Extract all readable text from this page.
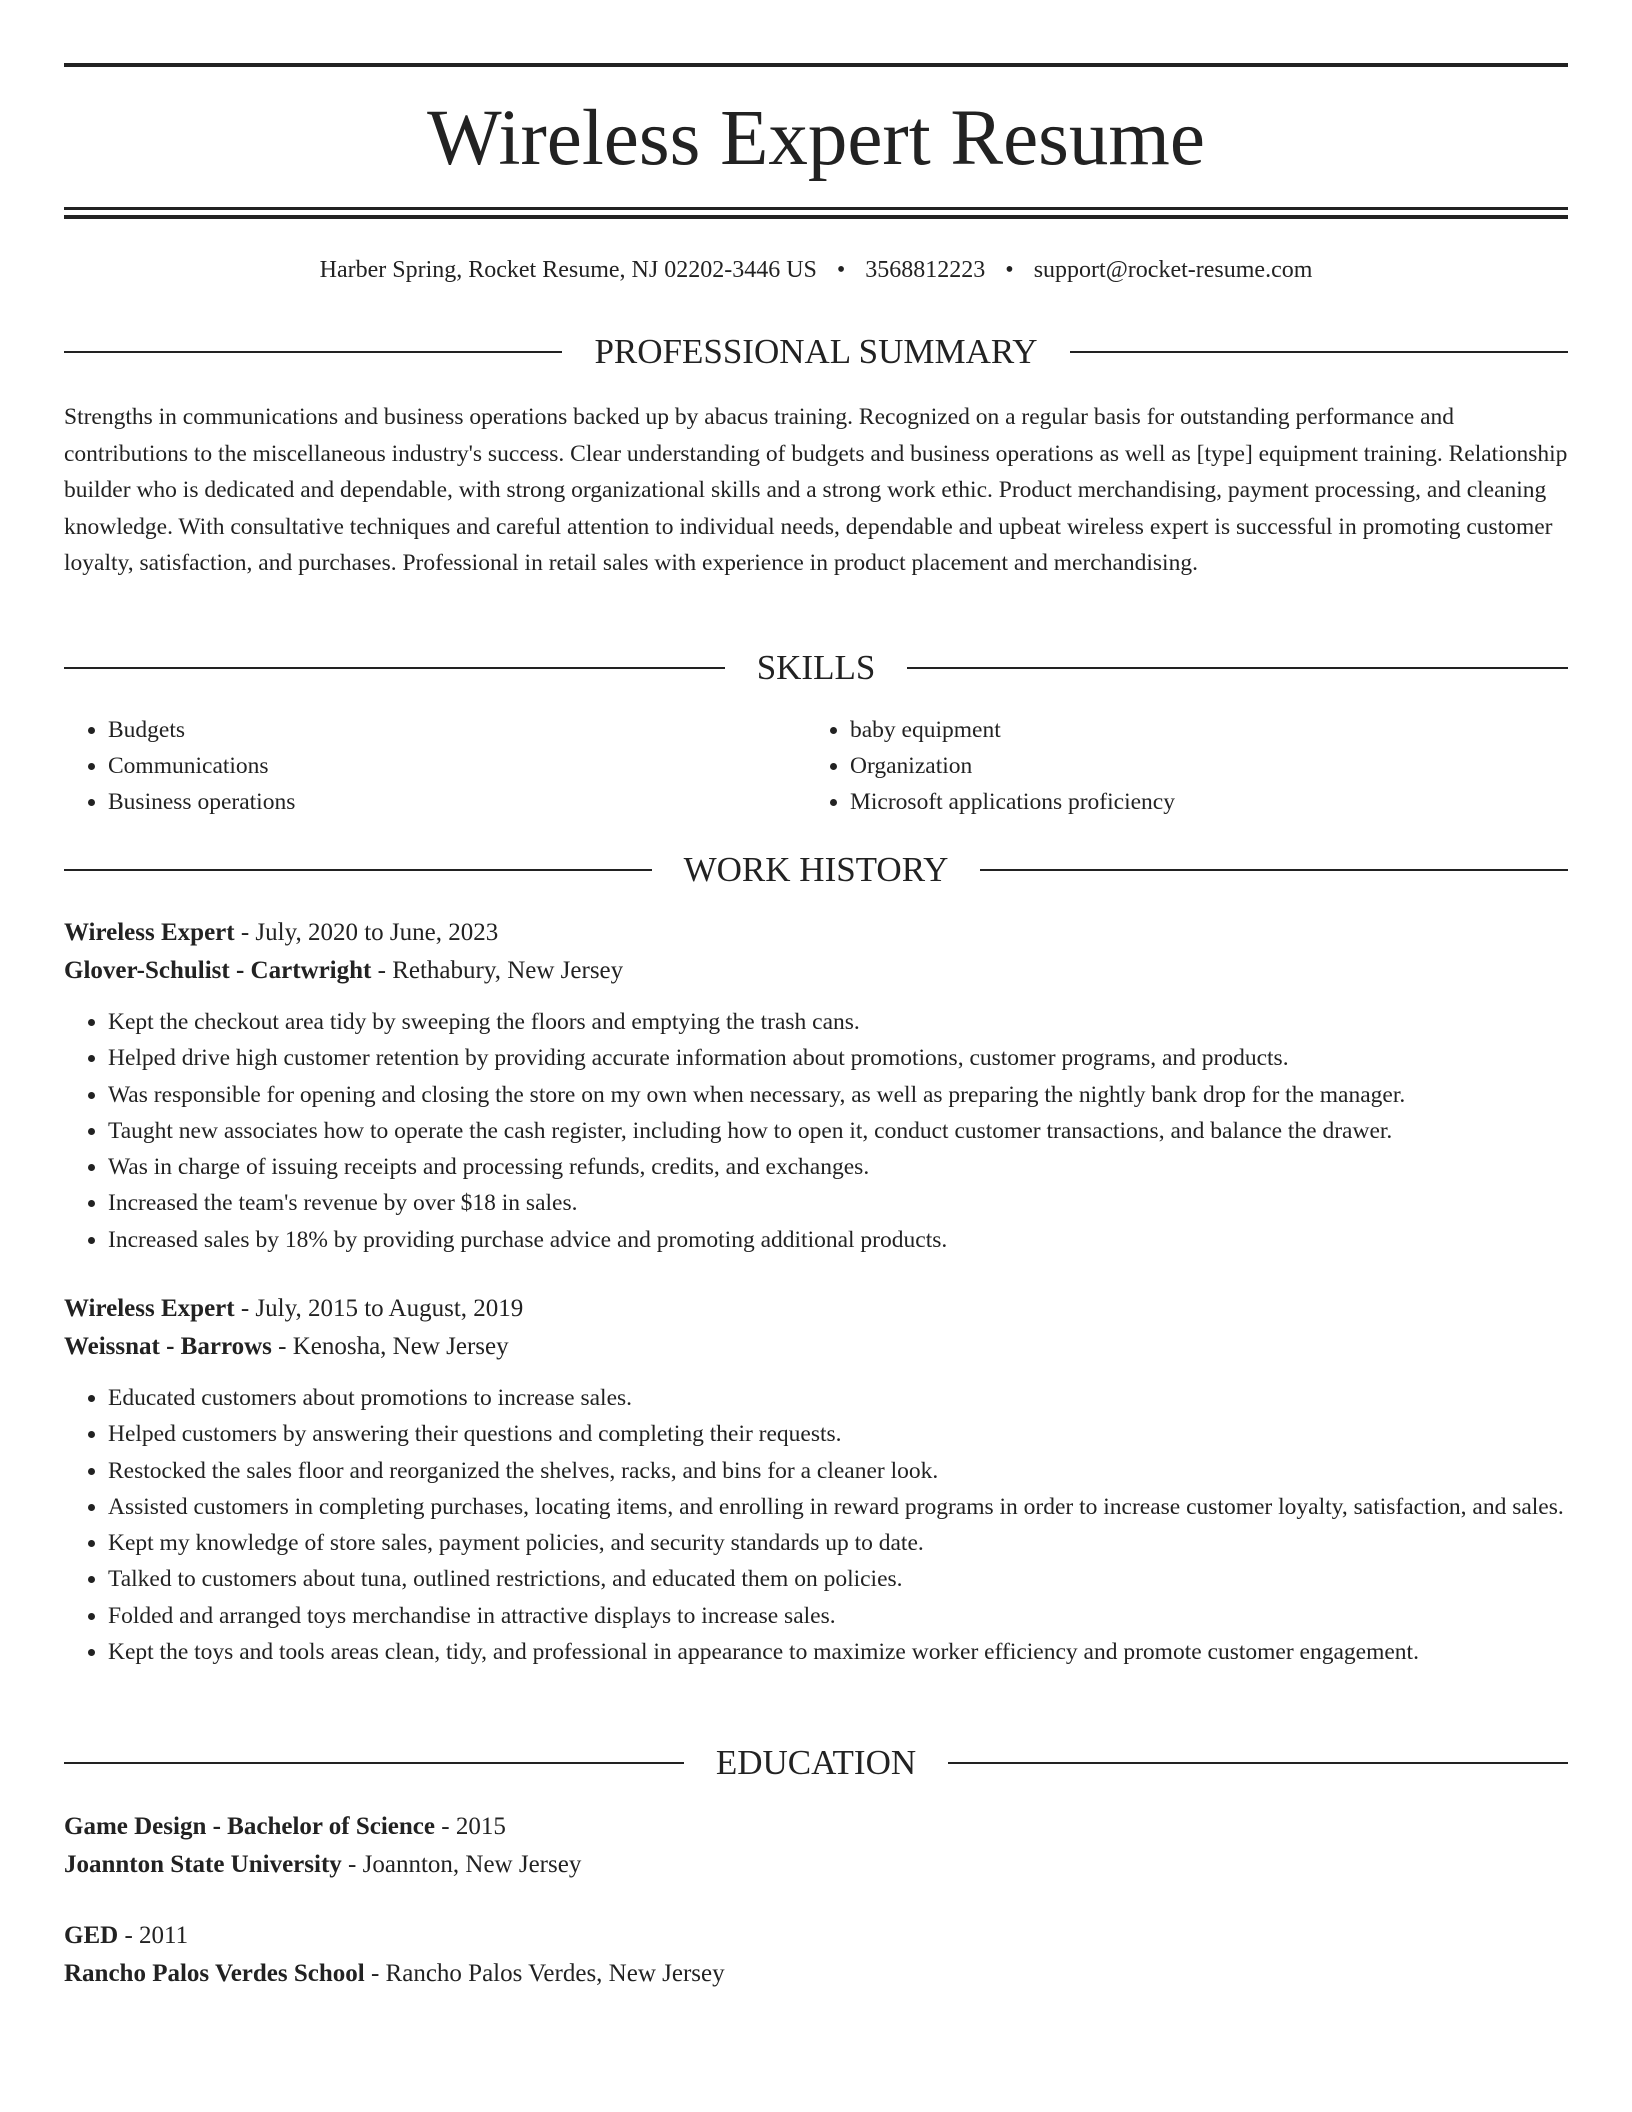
Wireless Expert Resume
Harber Spring, Rocket Resume, NJ 02202-3446 US • 3568812223 • support@rocket-resume.com
PROFESSIONAL SUMMARY

Strengths in communications and business operations backed up by abacus training. Recognized on a regular basis for outstanding performance and contributions to the miscellaneous industry's success. Clear understanding of budgets and business operations as well as [type] equipment training. Relationship builder who is dedicated and dependable, with strong organizational skills and a strong work ethic. Product merchandising, payment processing, and cleaning knowledge. With consultative techniques and careful attention to individual needs, dependable and upbeat wireless expert is successful in promoting customer loyalty, satisfaction, and purchases. Professional in retail sales with experience in product placement and merchandising.

SKILLS
• Budgets
• Communications
• Business operations
• baby equipment
• Organization
• Microsoft applications proficiency
WORK HISTORY

Wireless Expert - July, 2020 to June, 2023

Glover-Schulist - Cartwright - Rethabury, New Jersey

• Kept the checkout area tidy by sweeping the floors and emptying the trash cans.
• Helped drive high customer retention by providing accurate information about promotions, customer programs, and products.
• Was responsible for opening and closing the store on my own when necessary, as well as preparing the nightly bank drop for the manager.
• Taught new associates how to operate the cash register, including how to open it, conduct customer transactions, and balance the drawer.
• Was in charge of issuing receipts and processing refunds, credits, and exchanges.
• Increased the team's revenue by over $18 in sales.
• Increased sales by 18% by providing purchase advice and promoting additional products.

Wireless Expert - July, 2015 to August, 2019

Weissnat - Barrows - Kenosha, New Jersey

• Educated customers about promotions to increase sales.
• Helped customers by answering their questions and completing their requests.
• Restocked the sales floor and reorganized the shelves, racks, and bins for a cleaner look.
• Assisted customers in completing purchases, locating items, and enrolling in reward programs in order to increase customer loyalty, satisfaction, and sales.
• Kept my knowledge of store sales, payment policies, and security standards up to date.
• Talked to customers about tuna, outlined restrictions, and educated them on policies.
• Folded and arranged toys merchandise in attractive displays to increase sales.
• Kept the toys and tools areas clean, tidy, and professional in appearance to maximize worker efficiency and promote customer engagement.
EDUCATION

Game Design - Bachelor of Science - 2015

Joannton State University - Joannton, New Jersey

GED - 2011

Rancho Palos Verdes School - Rancho Palos Verdes, New Jersey
